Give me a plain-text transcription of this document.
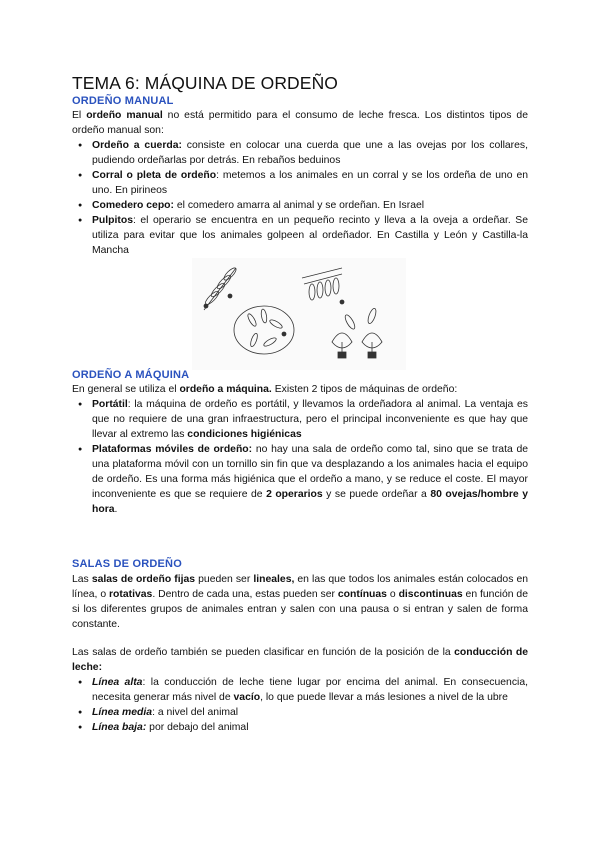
TEMA 6: MÁQUINA DE ORDEÑO

ORDEÑO MANUAL

El ordeño manual no está permitido para el consumo de leche fresca. Los distintos tipos de ordeño manual son:

● Ordeño a cuerda: consiste en colocar una cuerda que une a las ovejas por los collares, pudiendo ordeñarlas por detrás. En rebaños beduinos
● Corral o pleta de ordeño: metemos a los animales en un corral y se los ordeña de uno en uno. En pirineos
● Comedero cepo: el comedero amarra al animal y se ordeñan. En Israel
● Pulpitos: el operario se encuentra en un pequeño recinto y lleva a la oveja a ordeñar. Se utiliza para evitar que los animales golpeen al ordeñador. En Castilla y León y Castilla-la Mancha

ORDEÑO A MÁQUINA

En general se utiliza el ordeño a máquina. Existen 2 tipos de máquinas de ordeño:

● Portátil: la máquina de ordeño es portátil, y llevamos la ordeñadora al animal. La ventaja es que no requiere de una gran infraestructura, pero el principal inconveniente es que hay que llevar al extremo las condiciones higiénicas
● Plataformas móviles de ordeño: no hay una sala de ordeño como tal, sino que se trata de una plataforma móvil con un tornillo sin fin que va desplazando a los animales hacia el equipo de ordeño. Es una forma más higiénica que el ordeño a mano, y se reduce el coste. El mayor inconveniente es que se requiere de 2 operarios y se puede ordeñar a 80 ovejas/hombre y hora.

SALAS DE ORDEÑO

Las salas de ordeño fijas pueden ser lineales, en las que todos los animales están colocados en línea, o rotativas. Dentro de cada una, estas pueden ser contínuas o discontinuas en función de si los diferentes grupos de animales entran y salen con una pausa o si entran y salen de forma constante.

Las salas de ordeño también se pueden clasificar en función de la posición de la conducción de leche:

● Línea alta: la conducción de leche tiene lugar por encima del animal. En consecuencia, necesita generar más nivel de vacío, lo que puede llevar a más lesiones a nivel de la ubre
● Línea media: a nivel del animal
● Línea baja: por debajo del animal
